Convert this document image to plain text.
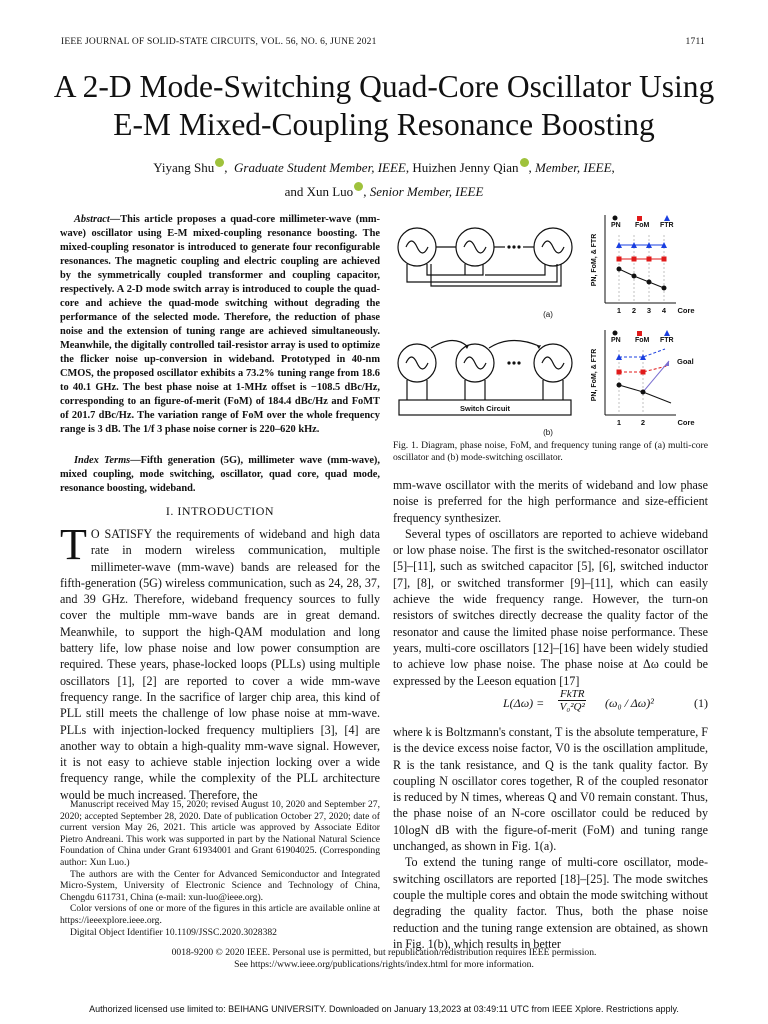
IEEE JOURNAL OF SOLID-STATE CIRCUITS, VOL. 56, NO. 6, JUNE 2021	1711
A 2-D Mode-Switching Quad-Core Oscillator Using
E-M Mixed-Coupling Resonance Boosting
Yiyang Shu ,  Graduate Student Member, IEEE, Huizhen Jenny Qian , Member, IEEE,
and Xun Luo , Senior Member, IEEE
Abstract—This article proposes a quad-core millimeter-wave (mm-wave) oscillator using E-M mixed-coupling resonance boosting. The mixed-coupling resonator is introduced to generate four reconfigurable resonances. The magnetic coupling and electric coupling are achieved by the symmetrically coupled transformer and coupling capacitor, respectively. A 2-D mode switch array is introduced to couple the quad-core and achieve the quad-mode switching without degrading the performance of the selected mode. Therefore, the reduction of phase noise and the extension of tuning range are achieved simultaneously. Meanwhile, the digitally controlled tail-resistor array is used to optimize the flicker noise up-conversion in wideband. Prototyped in 40-nm CMOS, the proposed oscillator exhibits a 73.2% tuning range from 18.6 to 40.1 GHz. The best phase noise at 1-MHz offset is −108.5 dBc/Hz, corresponding to an figure-of-merit (FoM) of 184.4 dBc/Hz and FoMT of 201.7 dBc/Hz. The variation range of FoM over the whole frequency range is 3 dB. The 1/f 3 phase noise corner is 220–620 kHz.
Index Terms—Fifth generation (5G), millimeter wave (mm-wave), mixed coupling, mode switching, oscillator, quad core, quad mode, resonance boosting, wideband.
I. INTRODUCTION
T O SATISFY the requirements of wideband and high data rate in modern wireless communication, multiple millimeter-wave (mm-wave) bands are released for the fifth-generation (5G) wireless communication, such as 24, 28, 37, and 39 GHz. Therefore, wideband frequency sources to fully cover the multiple mm-wave bands are in great demand. Meanwhile, to support the high-QAM modulation and long battery life, low phase noise and low power consumption are required. These years, phase-locked loops (PLLs) using multiple oscillators [1], [2] are reported to cover a wide mm-wave frequency range. In the sacrifice of larger chip area, this kind of PLL still meets the challenge of low phase noise at mm-wave. PLLs with injection-locked frequency multipliers [3], [4] are another way to obtain a high-quality mm-wave signal. However, it is not easy to achieve stable injection locking over a wide frequency range, while the complexity of the PLL architecture would be much increased. Therefore, the

Manuscript received May 15, 2020; revised August 10, 2020 and September 27, 2020; accepted September 28, 2020. Date of publication October 27, 2020; date of current version May 26, 2021. This article was approved by Associate Editor Pietro Andreani. This work was supported in part by the National Natural Science Foundation of China under Grant 61934001 and Grant 61904025. (Corresponding author: Xun Luo.)

The authors are with the Center for Advanced Semiconductor and Integrated Micro-System, University of Electronic Science and Technology of China, Chengdu 611731, China (e-mail: xun-luo@ieee.org).

Color versions of one or more of the figures in this article are available online at https://ieeexplore.ieee.org.

Digital Object Identifier 10.1109/JSSC.2020.3028382

(a)
PN, FoM, & FTR
PN FoM FTR
1 2 3 4 Core
Switch Circuit
(b)
PN, FoM, & FTR
PN FoM FTR
Goal
1	2	Core
Fig. 1. Diagram, phase noise, FoM, and frequency tuning range of (a) multi-core oscillator and (b) mode-switching oscillator.
mm-wave oscillator with the merits of wideband and low phase noise is preferred for the high performance and size-efficient frequency synthesizer.
Several types of oscillators are reported to achieve wideband or low phase noise. The first is the switched-resonator oscillator [5]–[11], such as switched capacitor [5], [6], switched inductor [7], [8], or switched transformer [9]–[11], which can easily achieve the wide frequency range. However, the turn-on resistors of switches directly decrease the quality factor of the resonator and cause the limited phase noise performance. These years, multi-core oscillators [12]–[16] have been widely studied to achieve low phase noise. The phase noise at Δω could be expressed by the Leeson equation [17]
L(Δω) =
FkTR
V₀²Q² (ω₀ / Δω)²	(1)
where k is Boltzmann's constant, T is the absolute temperature, F is the device excess noise factor, V0 is the oscillation amplitude, R is the tank resistance, and Q is the tank quality factor. By coupling N oscillator cores together, R of the coupled resonator is reduced by N times, whereas Q and V0 remain constant. Thus, the phase noise of an N-core oscillator could be reduced by 10logN dB with the figure-of-merit (FoM) and tuning range unchanged, as shown in Fig. 1(a).
To extend the tuning range of multi-core oscillator, mode-switching oscillators are reported [18]–[25]. The mode switches couple the multiple cores and obtain the mode switching without degrading the quality factor. Thus, both the phase noise reduction and the tuning range extension are obtained, as shown in Fig. 1(b), which results in better
0018-9200 © 2020 IEEE. Personal use is permitted, but republication/redistribution requires IEEE permission.
See https://www.ieee.org/publications/rights/index.html for more information.
Authorized licensed use limited to: BEIHANG UNIVERSITY. Downloaded on January 13,2023 at 03:49:11 UTC from IEEE Xplore. Restrictions apply.
